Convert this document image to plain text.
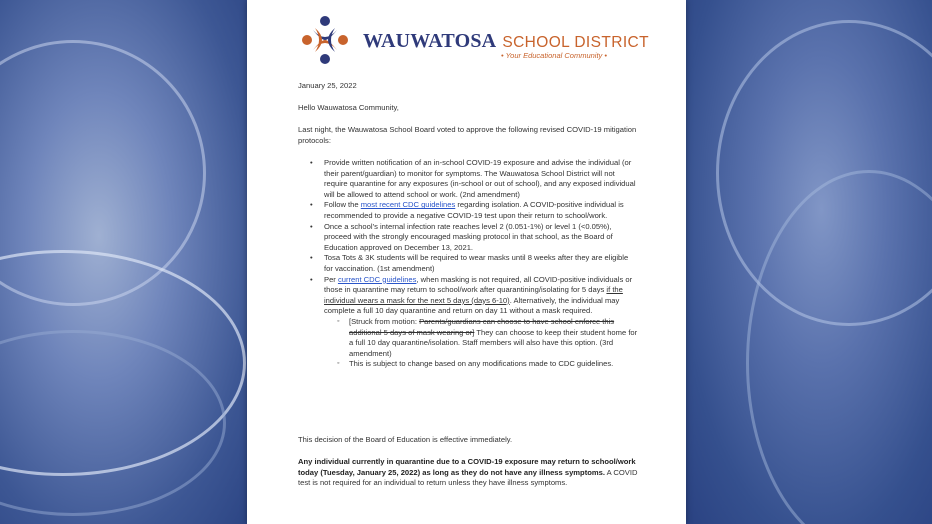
WAUWATOSA SCHOOL DISTRICT
• Your Educational Community •
January 25, 2022
Hello Wauwatosa Community,
Last night, the Wauwatosa School Board voted to approve the following revised COVID-19 mitigation protocols:
• Provide written notification of an in-school COVID-19 exposure and advise the individual (or their parent/guardian) to monitor for symptoms. The Wauwatosa School District will not require quarantine for any exposures (in-school or out of school), and any exposed individual will be allowed to attend school or work. (2nd amendment)
• Follow the most recent CDC guidelines regarding isolation. A COVID-positive individual is recommended to provide a negative COVID-19 test upon their return to school/work.
• Once a school’s internal infection rate reaches level 2 (0.051-1%) or level 1 (<0.05%), proceed with the strongly encouraged masking protocol in that school, as the Board of Education approved on December 13, 2021.
• Tosa Tots & 3K students will be required to wear masks until 8 weeks after they are eligible for vaccination. (1st amendment)
• Per current CDC guidelines, when masking is not required, all COVID-positive individuals or those in quarantine may return to school/work after quarantining/isolating for 5 days if the individual wears a mask for the next 5 days (days 6-10). Alternatively, the individual may complete a full 10 day quarantine and return on day 11 without a mask required.
◦ [Struck from motion: Parents/guardians can choose to have school enforce this additional 5 days of mask wearing or] They can choose to keep their student home for a full 10 day quarantine/isolation. Staff members will also have this option. (3rd amendment)
◦ This is subject to change based on any modifications made to CDC guidelines.
This decision of the Board of Education is effective immediately.
Any individual currently in quarantine due to a COVID-19 exposure may return to school/work today (Tuesday, January 25, 2022) as long as they do not have any illness symptoms. A COVID test is not required for an individual to return unless they have illness symptoms.
